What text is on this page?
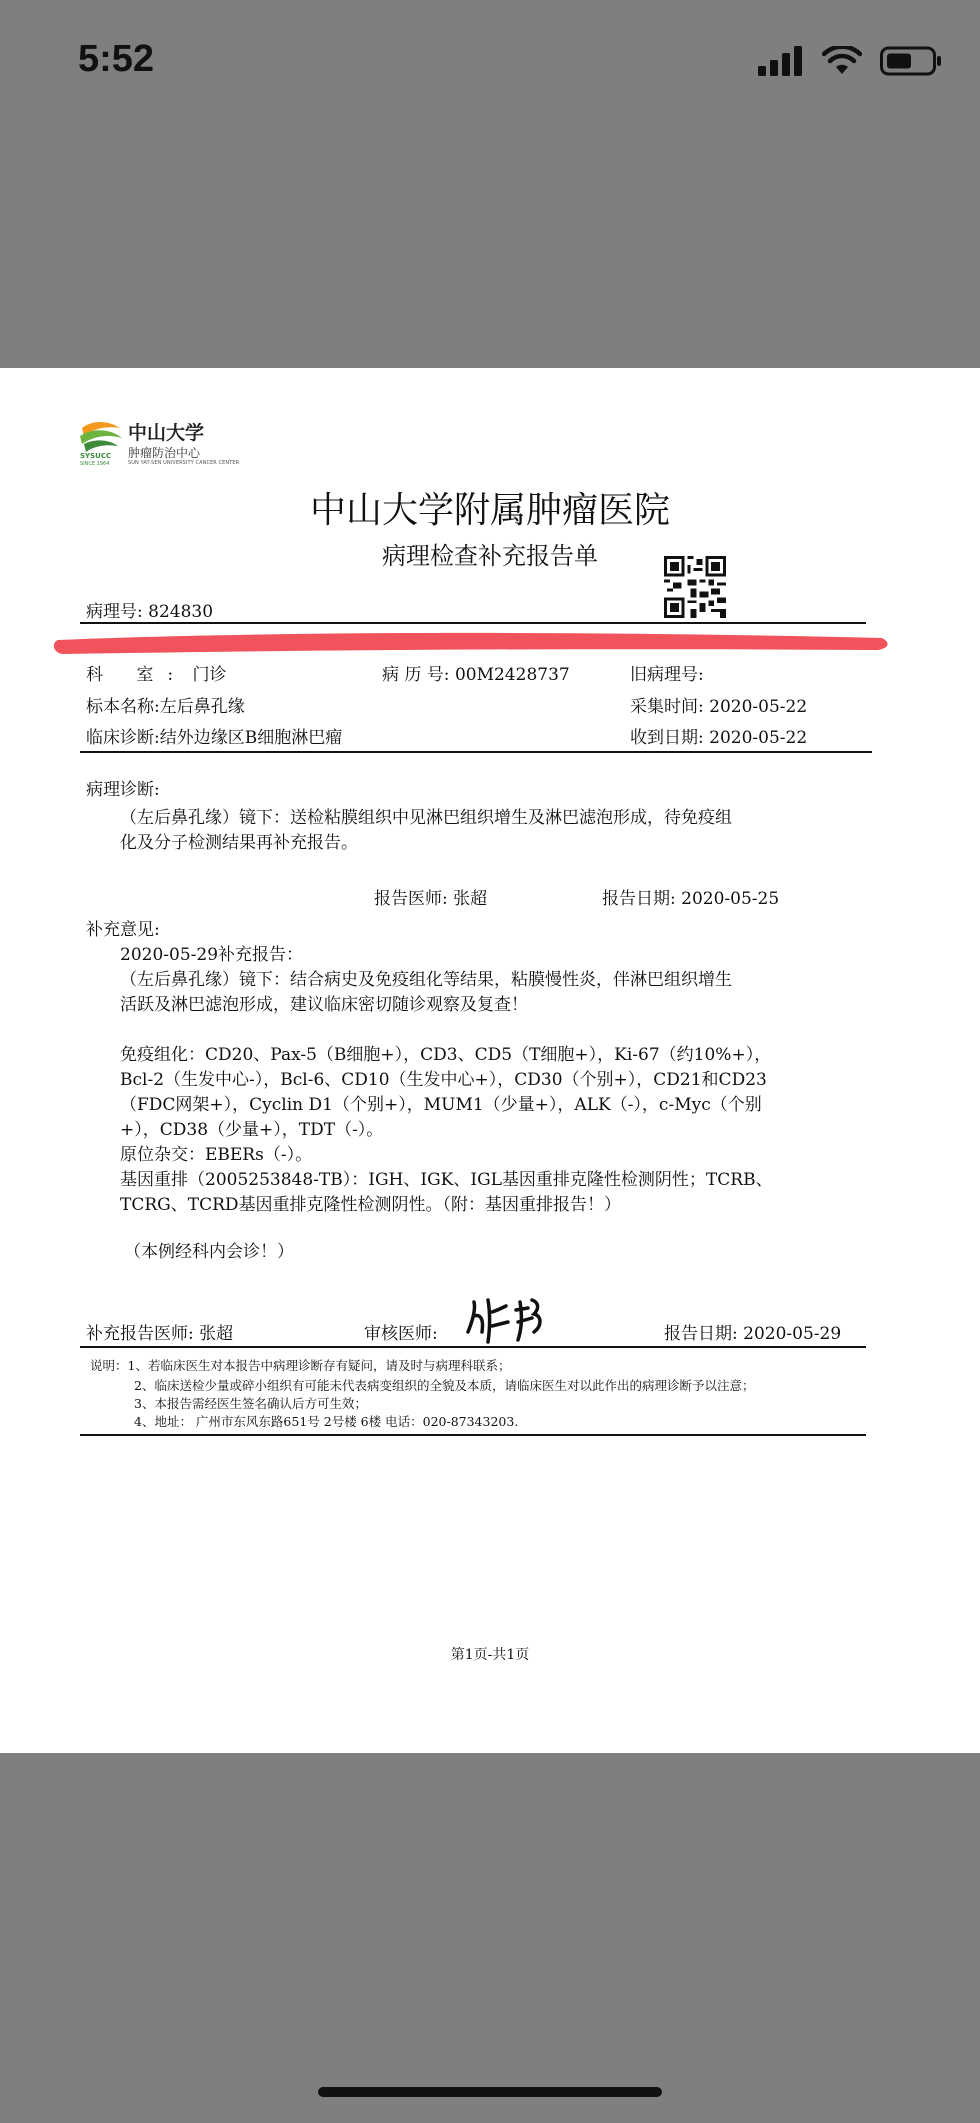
5:52
中山大学
肿瘤防治中心
SUN YAT-SEN UNIVERSITY CANCER CENTER
SYSUCC
SINCE 1964
中山大学附属肿瘤医院
病理检查补充报告单
病理号: 824830
科 室: 门诊	病 历 号: 00M2428737	旧病理号:
标本名称:左后鼻孔缘	采集时间: 2020-05-22
临床诊断:结外边缘区B细胞淋巴瘤	收到日期: 2020-05-22
病理诊断:
（左后鼻孔缘）镜下：送检粘膜组织中见淋巴组织增生及淋巴滤泡形成，待免疫组
化及分子检测结果再补充报告。
报告医师: 张超	报告日期: 2020-05-25
补充意见:
2020-05-29补充报告：
（左后鼻孔缘）镜下：结合病史及免疫组化等结果，粘膜慢性炎，伴淋巴组织增生
活跃及淋巴滤泡形成，建议临床密切随诊观察及复查！
免疫组化：CD20、Pax-5（B细胞+），CD3、CD5（T细胞+），Ki-67（约10%+），
Bcl-2（生发中心-），Bcl-6、CD10（生发中心+），CD30（个别+），CD21和CD23
（FDC网架+），Cyclin D1（个别+），MUM1（少量+），ALK（-），c-Myc（个别
+），CD38（少量+），TDT（-）。
原位杂交：EBERs（-）。
基因重排（2005253848-TB）：IGH、IGK、IGL基因重排克隆性检测阴性；TCRB、
TCRG、TCRD基因重排克隆性检测阴性。（附：基因重排报告！）
（本例经科内会诊！）
补充报告医师: 张超	审核医师:	报告日期: 2020-05-29
说明：1、若临床医生对本报告中病理诊断存有疑问，请及时与病理科联系；
2、临床送检少量或碎小组织有可能未代表病变组织的全貌及本质，请临床医生对以此作出的病理诊断予以注意；
3、本报告需经医生签名确认后方可生效；
4、地址： 广州市东风东路651号 2号楼 6楼 电话：020-87343203.
第1页-共1页
